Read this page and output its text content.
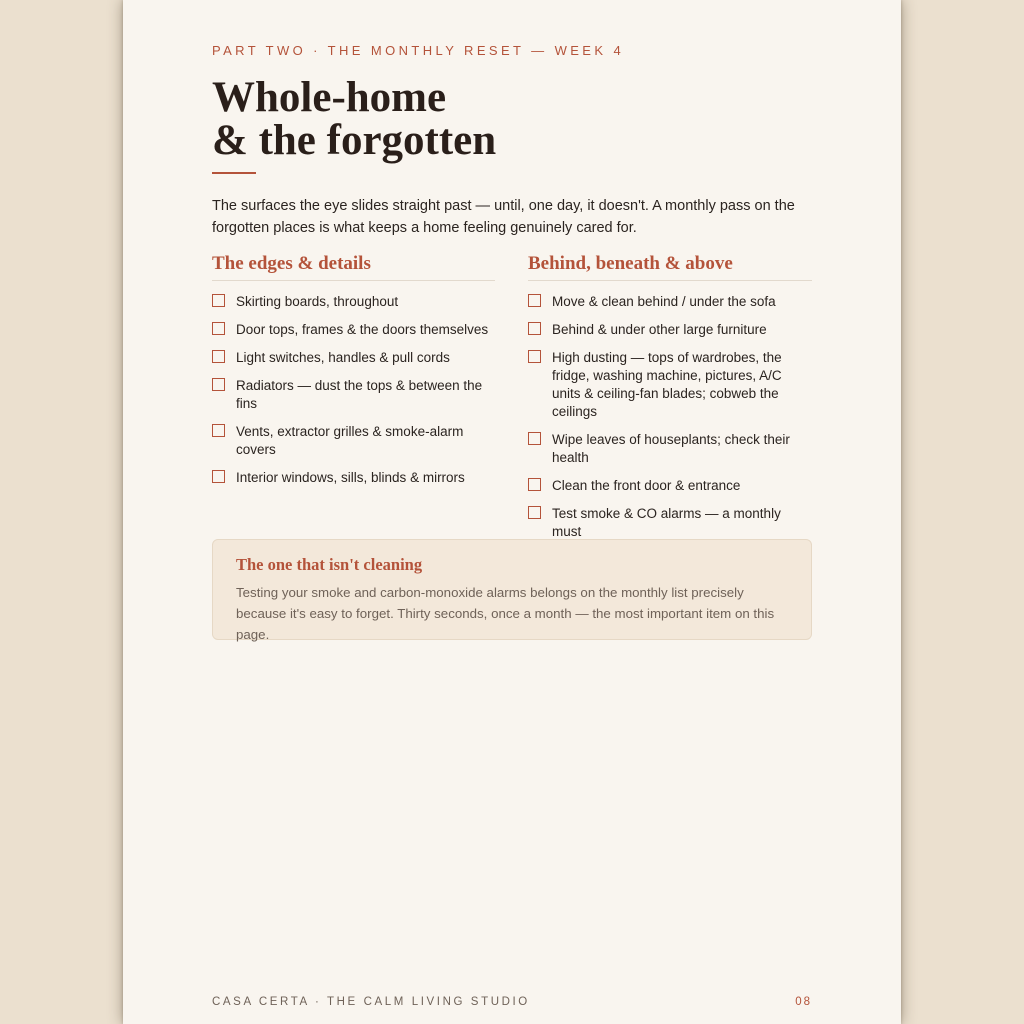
PART TWO · THE MONTHLY RESET — WEEK 4
Whole-home
& the forgotten

The surfaces the eye slides straight past — until, one day, it doesn't. A monthly pass on the forgotten places is what keeps a home feeling genuinely cared for.

The edges & details
Skirting boards, throughout
Door tops, frames & the doors themselves
Light switches, handles & pull cords
Radiators — dust the tops & between the fins
Vents, extractor grilles & smoke-alarm covers
Interior windows, sills, blinds & mirrors
Behind, beneath & above
Move & clean behind / under the sofa
Behind & under other large furniture
High dusting — tops of wardrobes, the fridge, washing machine, pictures, A/C units & ceiling-fan blades; cobweb the ceilings
Wipe leaves of houseplants; check their health
Clean the front door & entrance
Test smoke & CO alarms — a monthly must
The one that isn't cleaning

Testing your smoke and carbon-monoxide alarms belongs on the monthly list precisely because it's easy to forget. Thirty seconds, once a month — the most important item on this page.

CASA CERTA · THE CALM LIVING STUDIO	08
